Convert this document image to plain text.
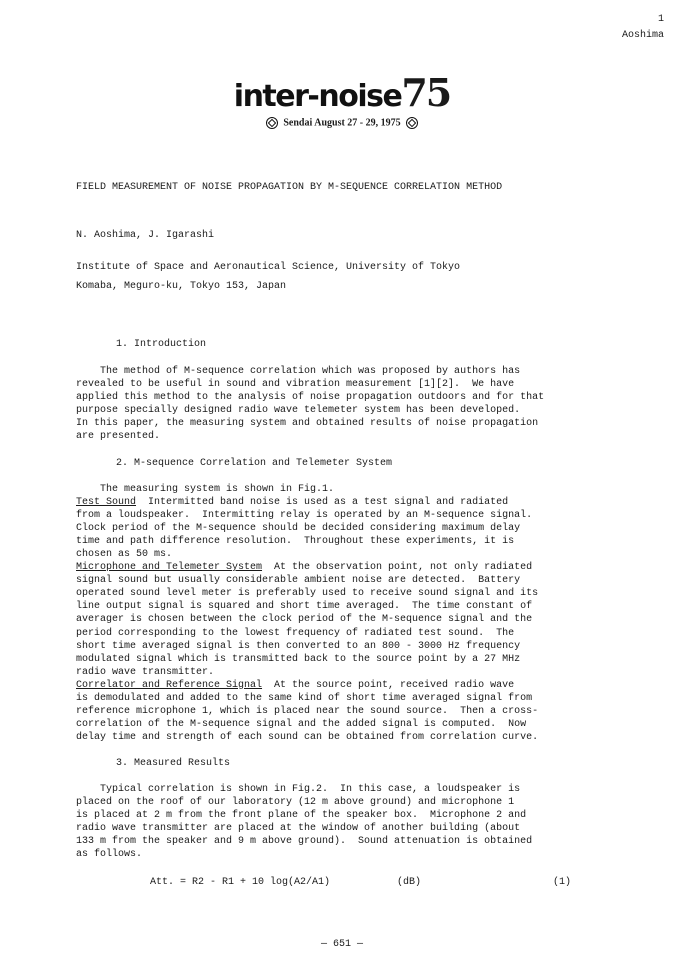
1
Aoshima
inter-noise75
Sendai August 27 - 29, 1975
FIELD MEASUREMENT OF NOISE PROPAGATION BY M-SEQUENCE CORRELATION METHOD
N. Aoshima, J. Igarashi
Institute of Space and Aeronautical Science, University of Tokyo
Komaba, Meguro-ku, Tokyo 153, Japan
1. Introduction
The method of M-sequence correlation which was proposed by authors has
revealed to be useful in sound and vibration measurement [1][2].  We have
applied this method to the analysis of noise propagation outdoors and for that
purpose specially designed radio wave telemeter system has been developed.
In this paper, the measuring system and obtained results of noise propagation
are presented.
2. M-sequence Correlation and Telemeter System
The measuring system is shown in Fig.1.
Test Sound  Intermitted band noise is used as a test signal and radiated
from a loudspeaker.  Intermitting relay is operated by an M-sequence signal.
Clock period of the M-sequence should be decided considering maximum delay
time and path difference resolution.  Throughout these experiments, it is
chosen as 50 ms.
Microphone and Telemeter System  At the observation point, not only radiated
signal sound but usually considerable ambient noise are detected.  Battery
operated sound level meter is preferably used to receive sound signal and its
line output signal is squared and short time averaged.  The time constant of
averager is chosen between the clock period of the M-sequence signal and the
period corresponding to the lowest frequency of radiated test sound.  The
short time averaged signal is then converted to an 800 - 3000 Hz frequency
modulated signal which is transmitted back to the source point by a 27 MHz
radio wave transmitter.
Correlator and Reference Signal  At the source point, received radio wave
is demodulated and added to the same kind of short time averaged signal from
reference microphone 1, which is placed near the sound source.  Then a cross-
correlation of the M-sequence signal and the added signal is computed.  Now
delay time and strength of each sound can be obtained from correlation curve.
3. Measured Results
Typical correlation is shown in Fig.2.  In this case, a loudspeaker is
placed on the roof of our laboratory (12 m above ground) and microphone 1
is placed at 2 m from the front plane of the speaker box.  Microphone 2 and
radio wave transmitter are placed at the window of another building (about
133 m from the speaker and 9 m above ground).  Sound attenuation is obtained
as follows.
Att. = R2 - R1 + 10 log(A2/A1)	(dB)	(1)
— 651 —
